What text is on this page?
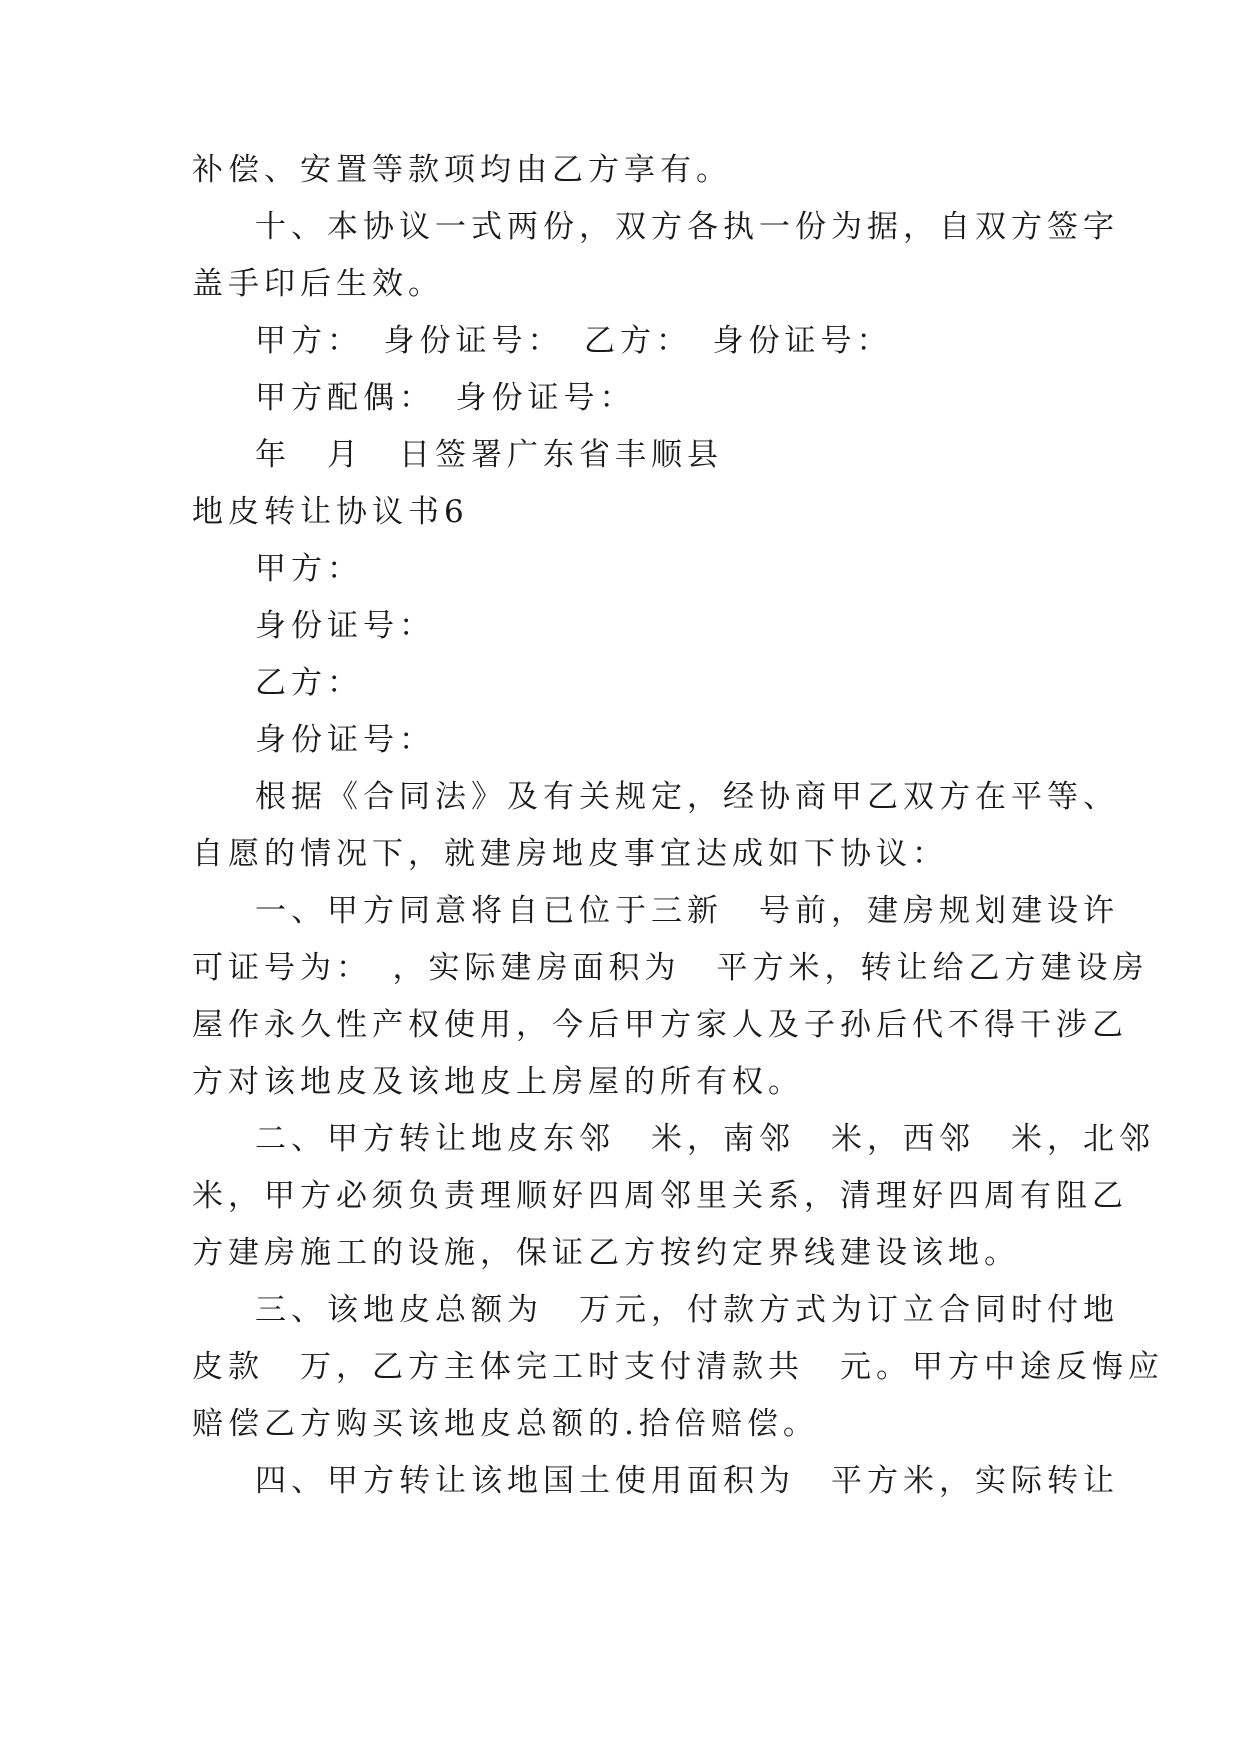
补偿、安置等款项均由乙方享有。
十、本协议一式两份，双方各执一份为据，自双方签字
盖手印后生效。
甲方：　身份证号：　乙方：　身份证号：
甲方配偶：　身份证号：
年　月　日签署广东省丰顺县
地皮转让协议书6
甲方：
身份证号：
乙方：
身份证号：
根据《合同法》及有关规定，经协商甲乙双方在平等、
自愿的情况下，就建房地皮事宜达成如下协议：
一、甲方同意将自已位于三新　号前，建房规划建设许
可证号为：　，实际建房面积为　平方米，转让给乙方建设房
屋作永久性产权使用，今后甲方家人及子孙后代不得干涉乙
方对该地皮及该地皮上房屋的所有权。
二、甲方转让地皮东邻　米，南邻　米，西邻　米，北邻
米，甲方必须负责理顺好四周邻里关系，清理好四周有阻乙
方建房施工的设施，保证乙方按约定界线建设该地。
三、该地皮总额为　万元，付款方式为订立合同时付地
皮款　万，乙方主体完工时支付清款共　元。甲方中途反悔应
赔偿乙方购买该地皮总额的.拾倍赔偿。
四、甲方转让该地国土使用面积为　平方米，实际转让
